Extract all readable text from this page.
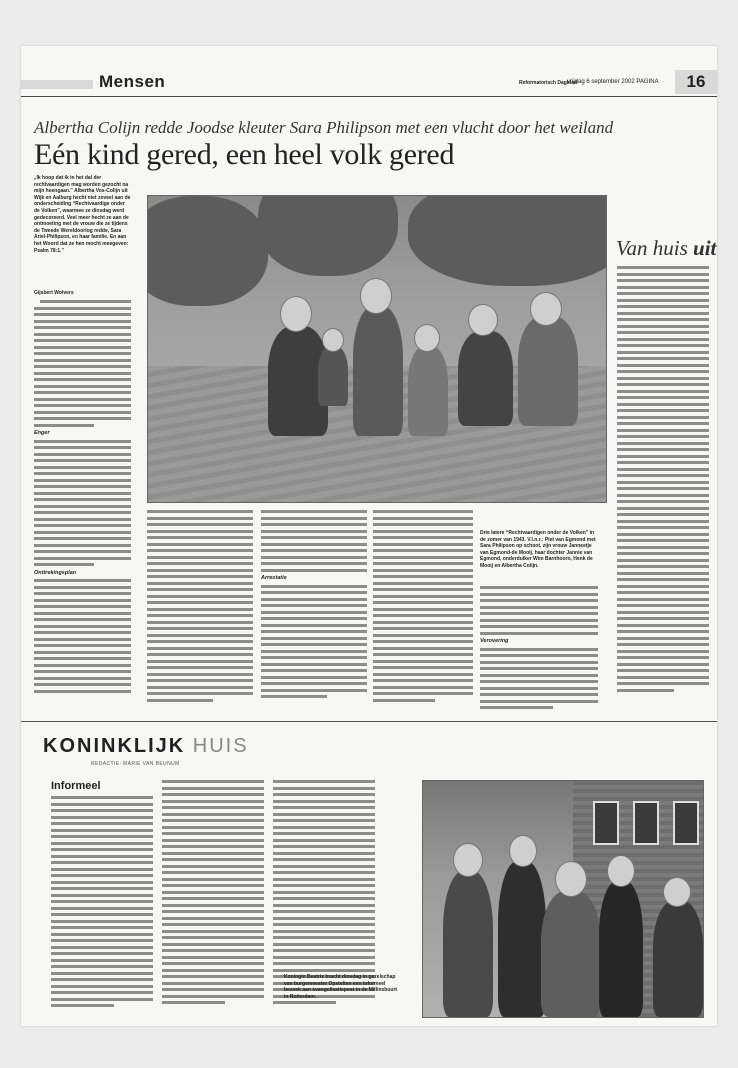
Mensen	Reformatorisch Dagblad
vrijdag 6 september 2002 PAGINA	16
Albertha Colijn redde Joodse kleuter Sara Philipson met een vlucht door het weiland
Eén kind gered, een heel volk gered
„Ik hoop dat ik in het dal der rechtvaardigen mag worden gezocht na mijn heengaan.” Albertha Vos-Colijn uit Wijk en Aalburg hecht niet zoveel aan de onderscheiding “Rechtvaardige onder de Volken”, waarmee ze dinsdag werd gedecoreerd. Veel meer hecht ze aan de ontmoeting met de vrouw die ze tijdens de Tweede Wereldoorlog redde, Sara Ariel-Philipson, en haar familie. En aan het Woord dat ze hen mocht meegeven: Psalm 78:1.”
Gijsbert Wolvers
Enger
Onttrekingsplan
Van huis uit
Arrestatie
Drie latere “Rechtvaardigen onder de Volken” in de zomer van 1943. V.l.n.r.: Piet van Egmond met Sara Philipson op schoot, zijn vrouw Janneetje van Egmond-de Mooij, haar dochter Jannie van Egmond, onderduiker Wim Barnhoorn, Henk de Mooij en Albertha Colijn.
Verovering
KONINKLIJK HUIS
REDACTIE: MARIE VAN BEUNUM
Informeel
Koningin Beatrix bracht dinsdag in gezelschap van burgemeester Opstelten een informeel bezoek aan evangelisatiepost in de Millinxbuurt in Rotterdam.
